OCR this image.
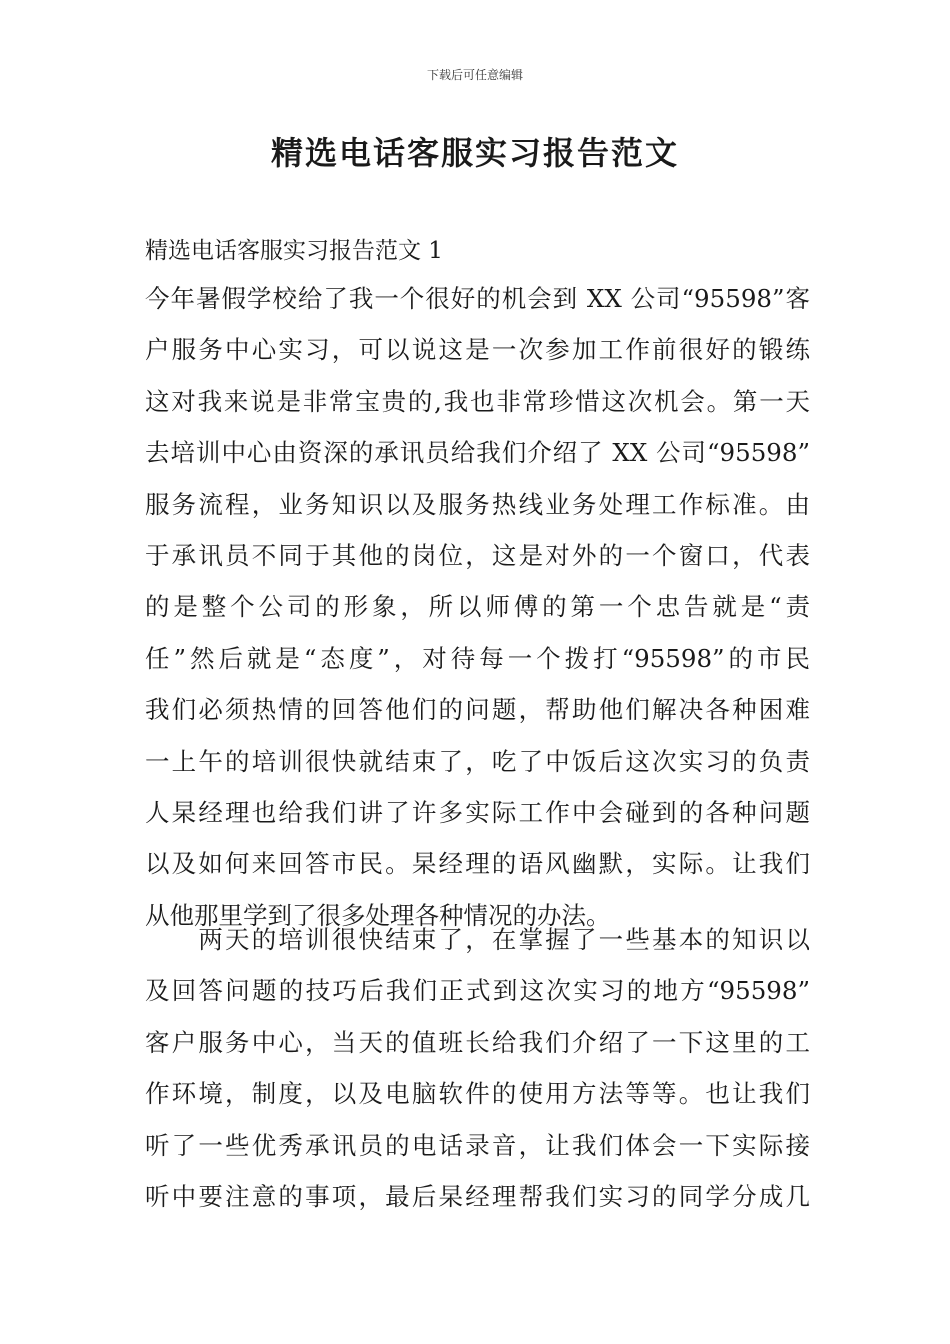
下载后可任意编辑
精选电话客服实习报告范文
精选电话客服实习报告范文 1
今年暑假学校给了我一个很好的机会到 XX 公司“95598”客
户服务中心实习，可以说这是一次参加工作前很好的锻练
这对我来说是非常宝贵的,我也非常珍惜这次机会。第一天
去培训中心由资深的承讯员给我们介绍了 XX 公司“95598”
服务流程，业务知识以及服务热线业务处理工作标准。由
于承讯员不同于其他的岗位，这是对外的一个窗口，代表
的是整个公司的形象，所以师傅的第一个忠告就是“责
任”然后就是“态度”，对待每一个拨打“95598”的市民
我们必须热情的回答他们的问题，帮助他们解决各种困难
一上午的培训很快就结束了，吃了中饭后这次实习的负责
人杲经理也给我们讲了许多实际工作中会碰到的各种问题
以及如何来回答市民。杲经理的语风幽默，实际。让我们
从他那里学到了很多处理各种情况的办法。
　　两天的培训很快结束了，在掌握了一些基本的知识以
及回答问题的技巧后我们正式到这次实习的地方“95598”
客户服务中心，当天的值班长给我们介绍了一下这里的工
作环境，制度，以及电脑软件的使用方法等等。也让我们
听了一些优秀承讯员的电话录音，让我们体会一下实际接
听中要注意的事项，最后杲经理帮我们实习的同学分成几
